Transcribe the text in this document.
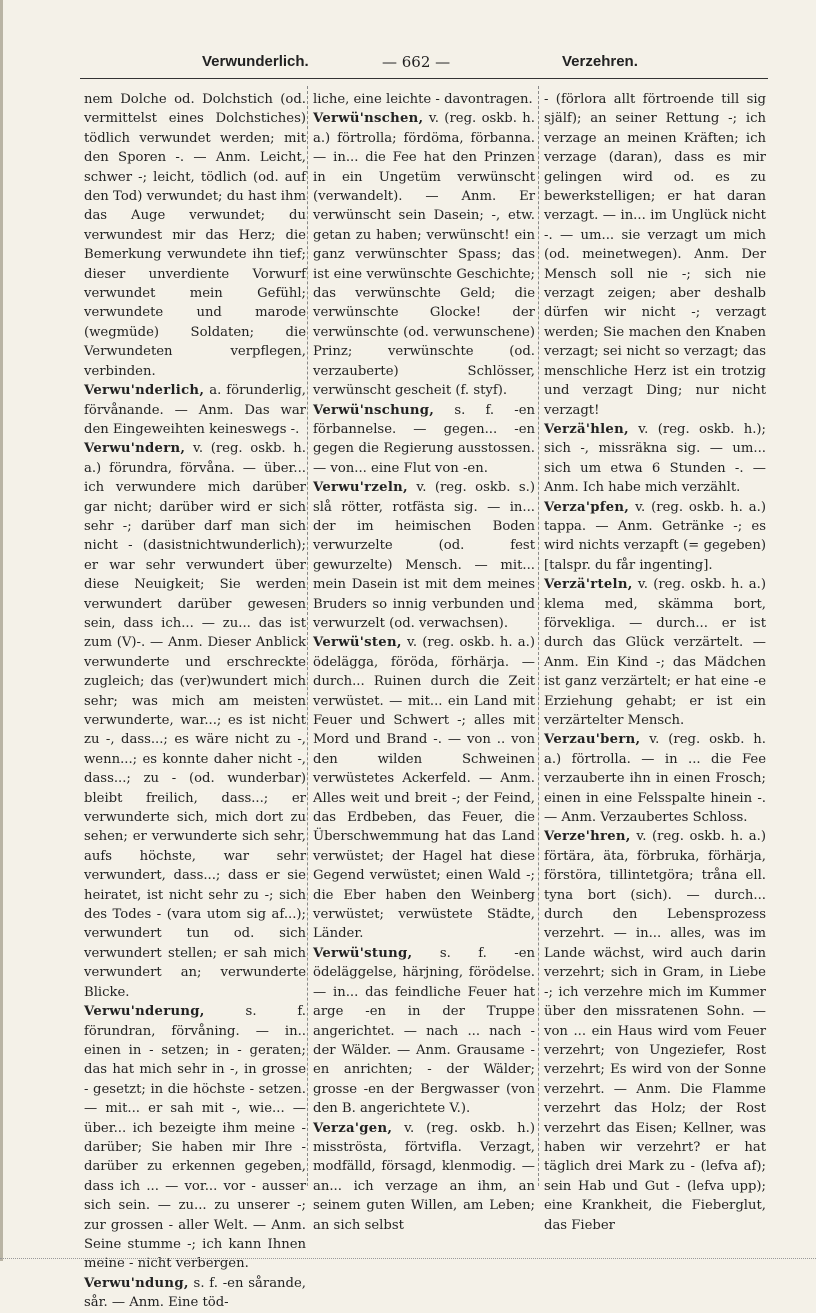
Verwunderlich.	— 662 —	Verzehren.

nem Dolche od. Dolchstich (od. vermittelst eines Dolchstiches) tödlich verwundet werden; mit den Sporen -. — Anm. Leicht, schwer -; leicht, tödlich (od. auf den Tod) verwundet; du hast ihm das Auge verwundet; du verwundest mir das Herz; die Bemerkung verwundete ihn tief; dieser unverdiente Vorwurf verwundet mein Gefühl; verwundete und marode (wegmüde) Soldaten; die Verwundeten verpflegen, verbinden.

Verwu'nderlich, a. förunderlig, förvånande. — Anm. Das war den Eingeweihten keineswegs -.

Verwu'ndern, v. (reg. oskb. h. a.) förundra, förvåna. — über... ich verwundere mich darüber gar nicht; darüber wird er sich sehr -; darüber darf man sich nicht - (dasistnichtwunderlich); er war sehr verwundert über diese Neuigkeit; Sie werden verwundert darüber gewesen sein, dass ich... — zu... das ist zum (V)-. — Anm. Dieser Anblick verwunderte und erschreckte zugleich; das (ver)wundert mich sehr; was mich am meisten verwunderte, war...; es ist nicht zu -, dass...; es wäre nicht zu -, wenn...; es konnte daher nicht -, dass...; zu - (od. wunderbar) bleibt freilich, dass...; er verwunderte sich, mich dort zu sehen; er verwunderte sich sehr, aufs höchste, war sehr verwundert, dass...; dass er sie heiratet, ist nicht sehr zu -; sich des Todes - (vara utom sig af...); verwundert tun od. sich verwundert stellen; er sah mich verwundert an; verwunderte Blicke.

Verwu'nderung,	s. f. förundran, förvåning. — in.. einen in - setzen; in - geraten; das hat mich sehr in -, in grosse - gesetzt; in die höchste - setzen. — mit... er sah mit -, wie... — über... ich bezeigte ihm meine - darüber; Sie haben mir Ihre - darüber zu erkennen gegeben, dass ich ... — vor... vor - ausser sich sein. — zu... zu unserer -; zur grossen - aller Welt. — Anm. Seine stumme -; ich kann Ihnen meine - nicht verbergen.

Verwu'ndung, s. f. -en sårande, sår. — Anm. Eine töd-

liche, eine leichte - davontragen.

Verwü'nschen, v. (reg. oskb. h. a.) förtrolla; fördöma, förbanna. — in... die Fee hat den Prinzen in ein Ungetüm verwünscht (verwandelt). — Anm. Er verwünscht sein Dasein; -, etw. getan zu haben; verwünscht! ein ganz verwünschter Spass; das ist eine verwünschte Geschichte; das verwünschte Geld; die verwünschte Glocke! der verwünschte (od. verwunschene) Prinz; verwünschte (od. verzauberte) Schlösser, verwünscht gescheit (f. styf).

Verwü'nschung, s. f. -en förbannelse. — gegen... -en gegen die Regierung ausstossen. — von... eine Flut von -en.

Verwu'rzeln, v. (reg. oskb. s.) slå rötter, rotfästa sig. — in... der im heimischen Boden verwurzelte (od. fest gewurzelte) Mensch. — mit... mein Dasein ist mit dem meines Bruders so innig verbunden und verwurzelt (od. verwachsen).

Verwü'sten, v. (reg. oskb. h. a.) ödelägga, föröda, förhärja. — durch... Ruinen durch die Zeit verwüstet. — mit... ein Land mit Feuer und Schwert -; alles mit Mord und Brand -. — von .. von den wilden Schweinen verwüstetes Ackerfeld. — Anm. Alles weit und breit -; der Feind, das Erdbeben, das Feuer, die Überschwemmung hat das Land verwüstet; der Hagel hat diese Gegend verwüstet; einen Wald -; die Eber haben den Weinberg verwüstet; verwüstete Städte, Länder.

Verwü'stung, s. f. -en ödeläggelse, härjning, förödelse. — in... das feindliche Feuer hat arge -en in der Truppe angerichtet. — nach ... nach - der Wälder. — Anm. Grausame -en anrichten; - der Wälder; grosse -en der Bergwasser (von den B. angerichtete V.).

Verza'gen, v. (reg. oskb. h.) misströsta, förtvifla. Verzagt, modfälld, försagd, klenmodig. — an... ich verzage an ihm, an seinem guten Willen, am Leben; an sich selbst

- (förlora allt förtroende till sig själf); an seiner Rettung -; ich verzage an meinen Kräften; ich verzage (daran), dass es mir gelingen wird od. es zu bewerkstelligen; er hat daran verzagt. — in... im Unglück nicht -. — um... sie verzagt um mich (od. meinetwegen). Anm. Der Mensch soll nie -; sich nie verzagt zeigen; aber deshalb dürfen wir nicht -; verzagt werden; Sie machen den Knaben verzagt; sei nicht so verzagt; das menschliche Herz ist ein trotzig und verzagt Ding; nur nicht verzagt!

Verzä'hlen, v. (reg. oskb. h.); sich -, missräkna sig. — um... sich um etwa 6 Stunden -. — Anm. Ich habe mich verzählt.

Verza'pfen, v. (reg. oskb. h. a.) tappa. — Anm. Getränke -; es wird nichts verzapft (= gegeben) [talspr. du får ingenting].

Verzä'rteln, v. (reg. oskb. h. a.) klema med, skämma bort, förvekliga. — durch... er ist durch das Glück verzärtelt. — Anm. Ein Kind -; das Mädchen ist ganz verzärtelt; er hat eine -e Erziehung gehabt; er ist ein verzärtelter Mensch.

Verzau'bern, v. (reg. oskb. h. a.) förtrolla. — in ... die Fee verzauberte ihn in einen Frosch; einen in eine Felsspalte hinein -. — Anm. Verzaubertes Schloss.

Verze'hren, v. (reg. oskb. h. a.) förtära, äta, förbruka, förhärja, förstöra, tillintetgöra; tråna ell. tyna bort (sich). — durch... durch den Lebensprozess verzehrt. — in... alles, was im Lande wächst, wird auch darin verzehrt; sich in Gram, in Liebe -; ich verzehre mich im Kummer über den missratenen Sohn. — von ... ein Haus wird vom Feuer verzehrt; von Ungeziefer, Rost verzehrt; Es wird von der Sonne verzehrt. — Anm. Die Flamme verzehrt das Holz; der Rost verzehrt das Eisen; Kellner, was haben wir verzehrt? er hat täglich drei Mark zu - (lefva af); sein Hab und Gut - (lefva upp); eine Krankheit, die Fieberglut, das Fieber
